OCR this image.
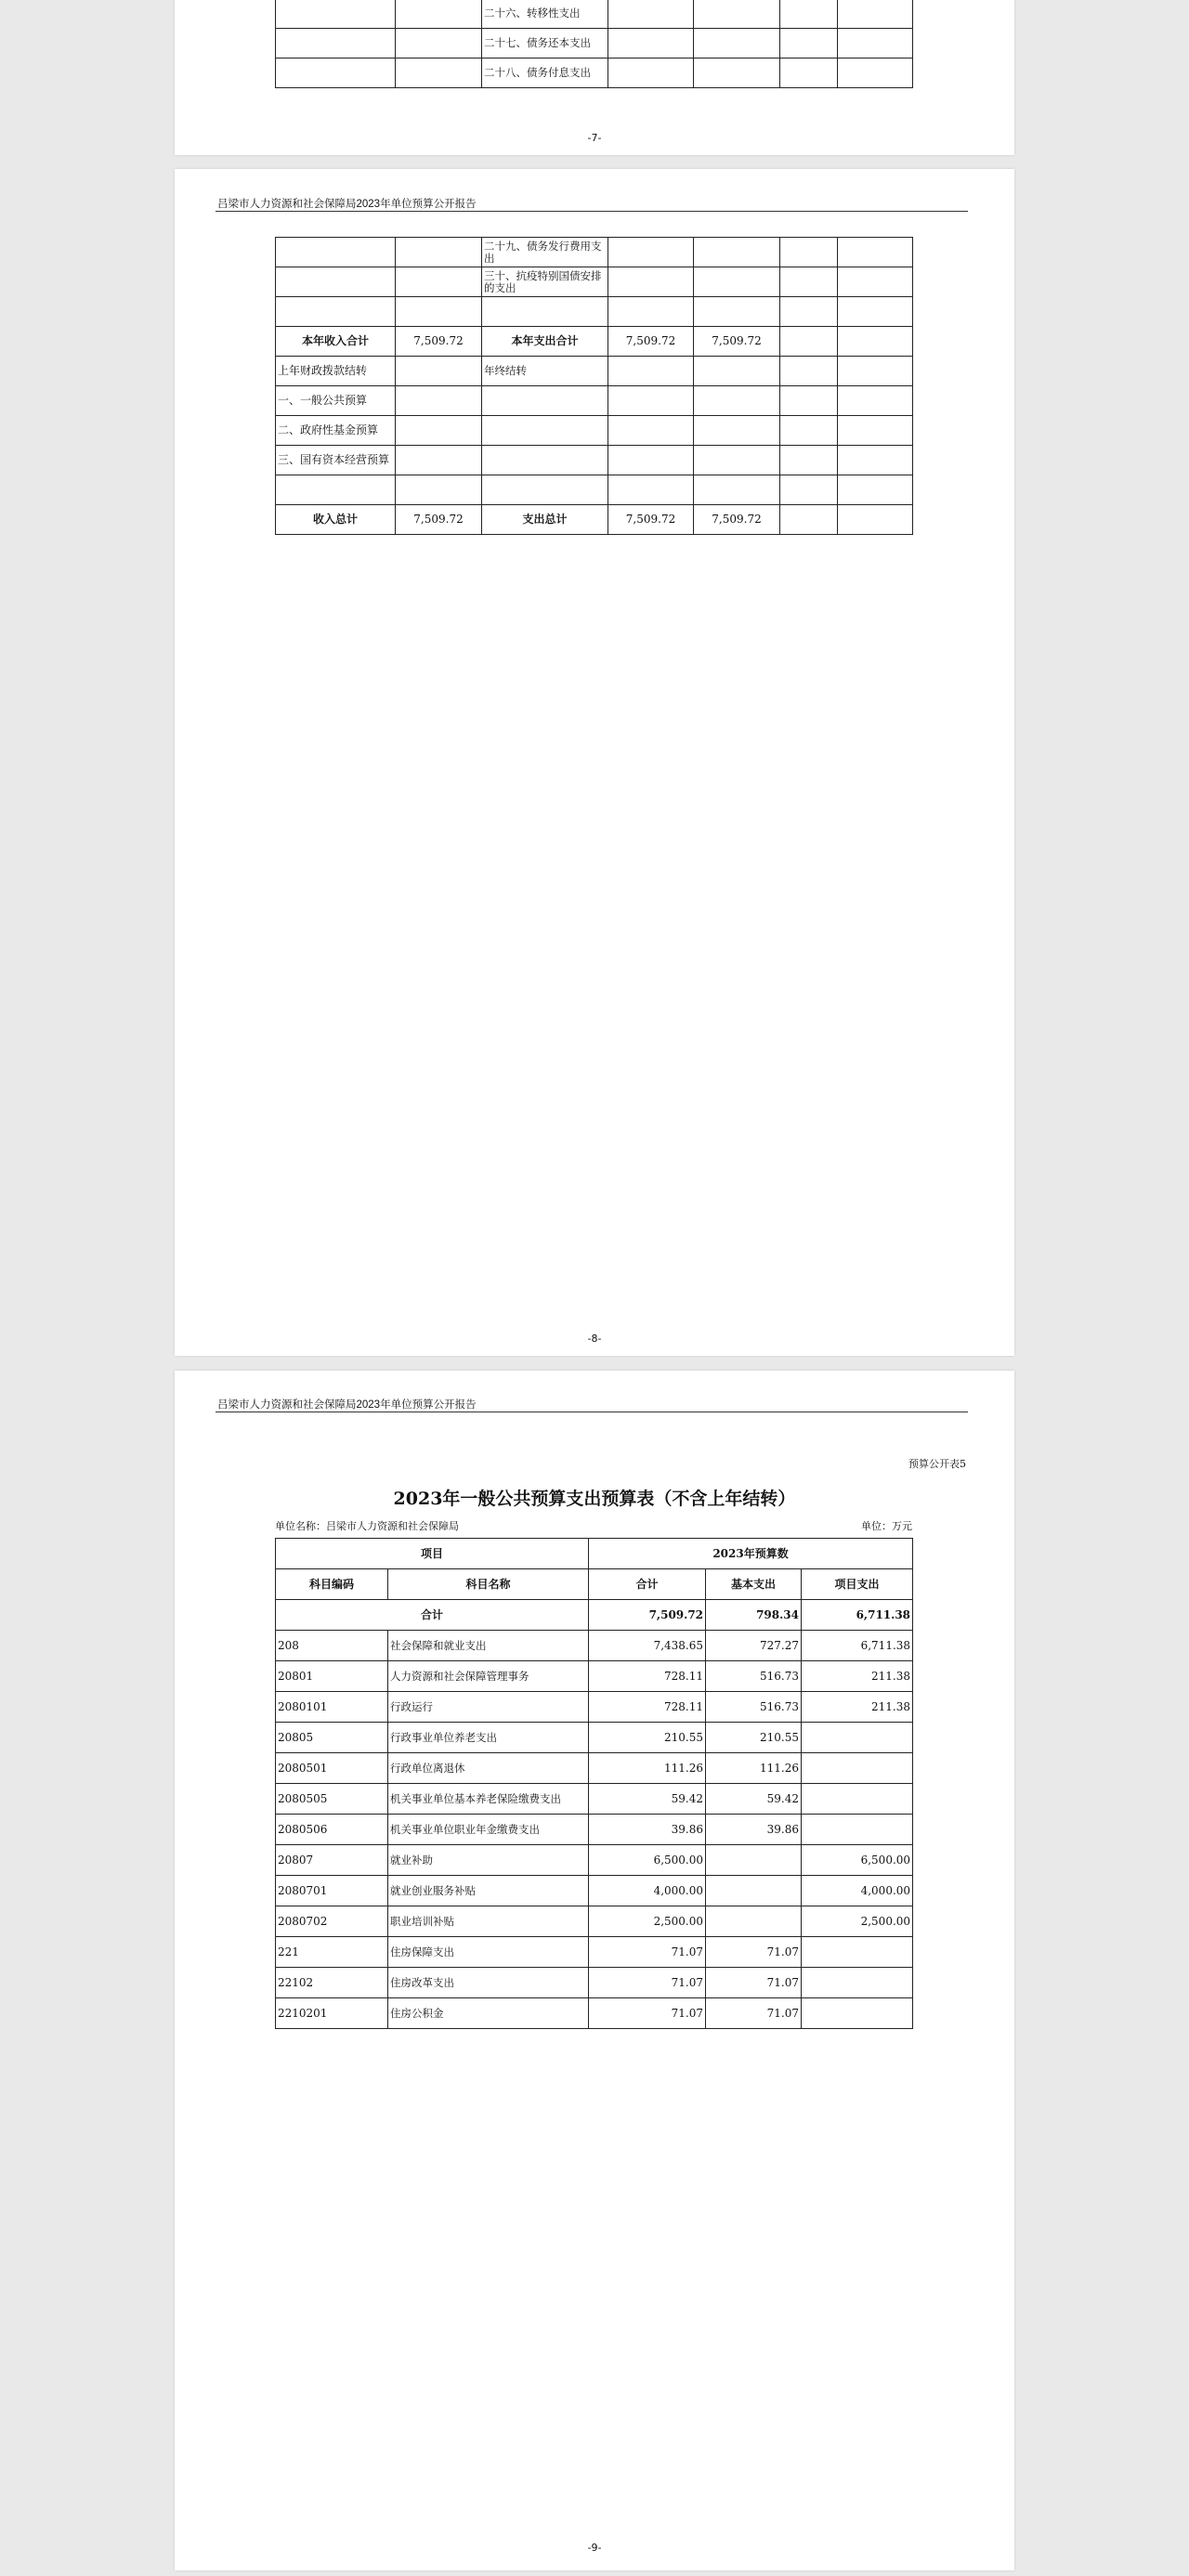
		二十六、转移性支出				
		二十七、债务还本支出				
		二十八、债务付息支出				
-7-
吕梁市人力资源和社会保障局2023年单位预算公开报告
		二十九、债务发行费用支出				
		三十、抗疫特别国债安排的支出				

本年收入合计	7,509.72	本年支出合计	7,509.72	7,509.72		
上年财政拨款结转		年终结转				
一、一般公共预算						
二、政府性基金预算						
三、国有资本经营预算						

收入总计	7,509.72	支出总计	7,509.72	7,509.72		
-8-
吕梁市人力资源和社会保障局2023年单位预算公开报告
预算公开表5
2023年一般公共预算支出预算表（不含上年结转）
单位名称：吕梁市人力资源和社会保障局	单位：万元
项目		2023年预算数		
科目编码	科目名称	合计	基本支出	项目支出
合计		7,509.72	798.34	6,711.38
208	社会保障和就业支出	7,438.65	727.27	6,711.38
20801	人力资源和社会保障管理事务	728.11	516.73	211.38
2080101	行政运行	728.11	516.73	211.38
20805	行政事业单位养老支出	210.55	210.55	
2080501	行政单位离退休	111.26	111.26	
2080505	机关事业单位基本养老保险缴费支出	59.42	59.42	
2080506	机关事业单位职业年金缴费支出	39.86	39.86	
20807	就业补助	6,500.00		6,500.00
2080701	就业创业服务补贴	4,000.00		4,000.00
2080702	职业培训补贴	2,500.00		2,500.00
221	住房保障支出	71.07	71.07	
22102	住房改革支出	71.07	71.07	
2210201	住房公积金	71.07	71.07	
-9-
